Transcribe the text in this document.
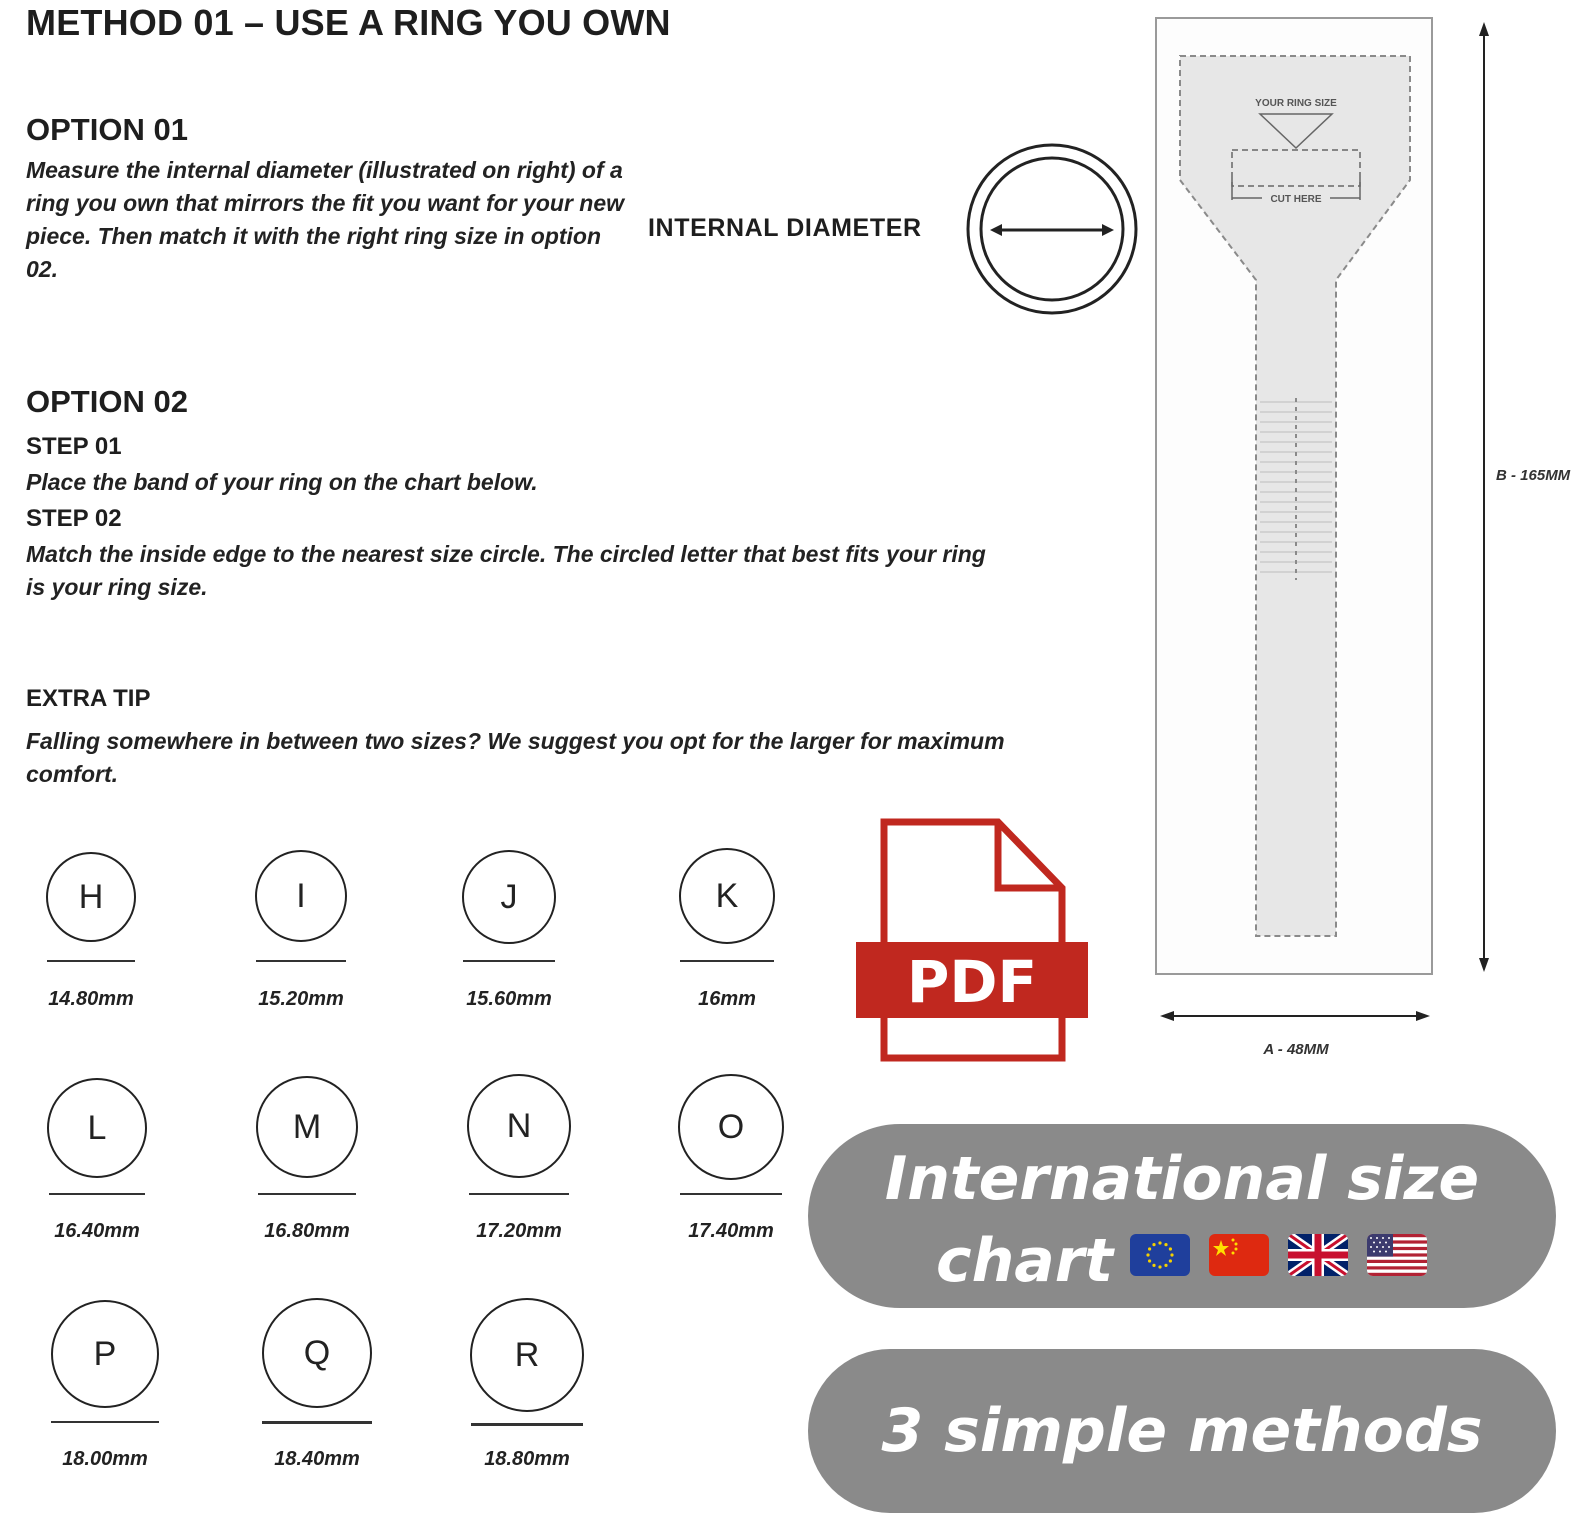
METHOD 01 – USE A RING YOU OWN
OPTION 01
Measure the internal diameter (illustrated on right) of a ring you own that mirrors the fit you want for your new piece. Then match it with the right ring size in option 02.
INTERNAL DIAMETER
OPTION 02
STEP 01
Place the band of your ring on the chart below.
STEP 02
Match the inside edge to the nearest size circle. The circled letter that best fits your ring is your ring size.
EXTRA TIP
Falling somewhere in between two sizes? We suggest you opt for the larger for maximum comfort.
H
14.80mm
I
15.20mm
J
15.60mm
K
16mm
L
16.40mm
M
16.80mm
N
17.20mm
O
17.40mm
P
18.00mm
Q
18.40mm
R
18.80mm
PDF
YOUR RING SIZE
CUT HERE
B - 165MM
A - 48MM
International size
chart
3 simple methods
